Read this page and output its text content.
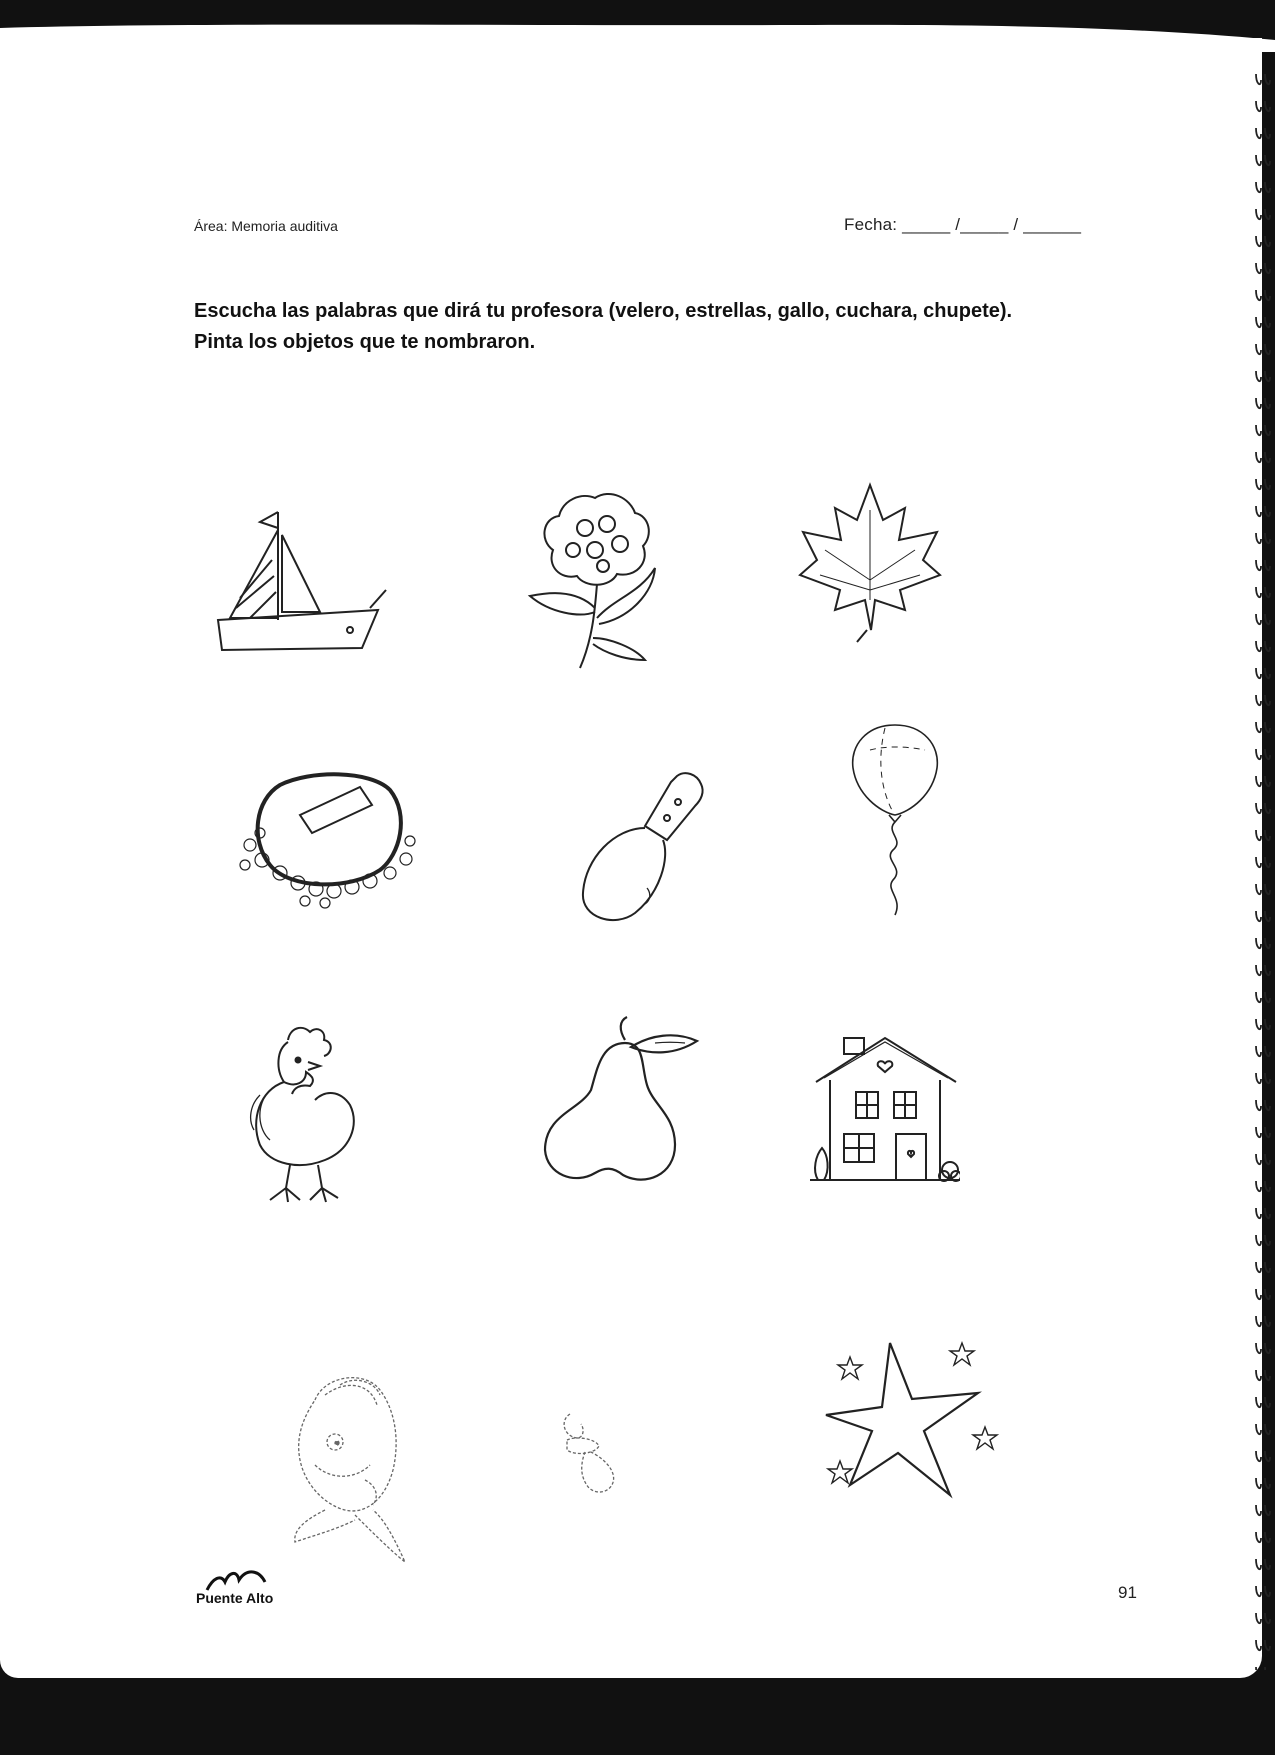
Área: Memoria auditiva	Fecha: _____ /_____ / ______
Escucha las palabras que dirá tu profesora (velero, estrellas, gallo, cuchara, chupete).
Pinta los objetos que te nombraron.
Puente Alto	91
